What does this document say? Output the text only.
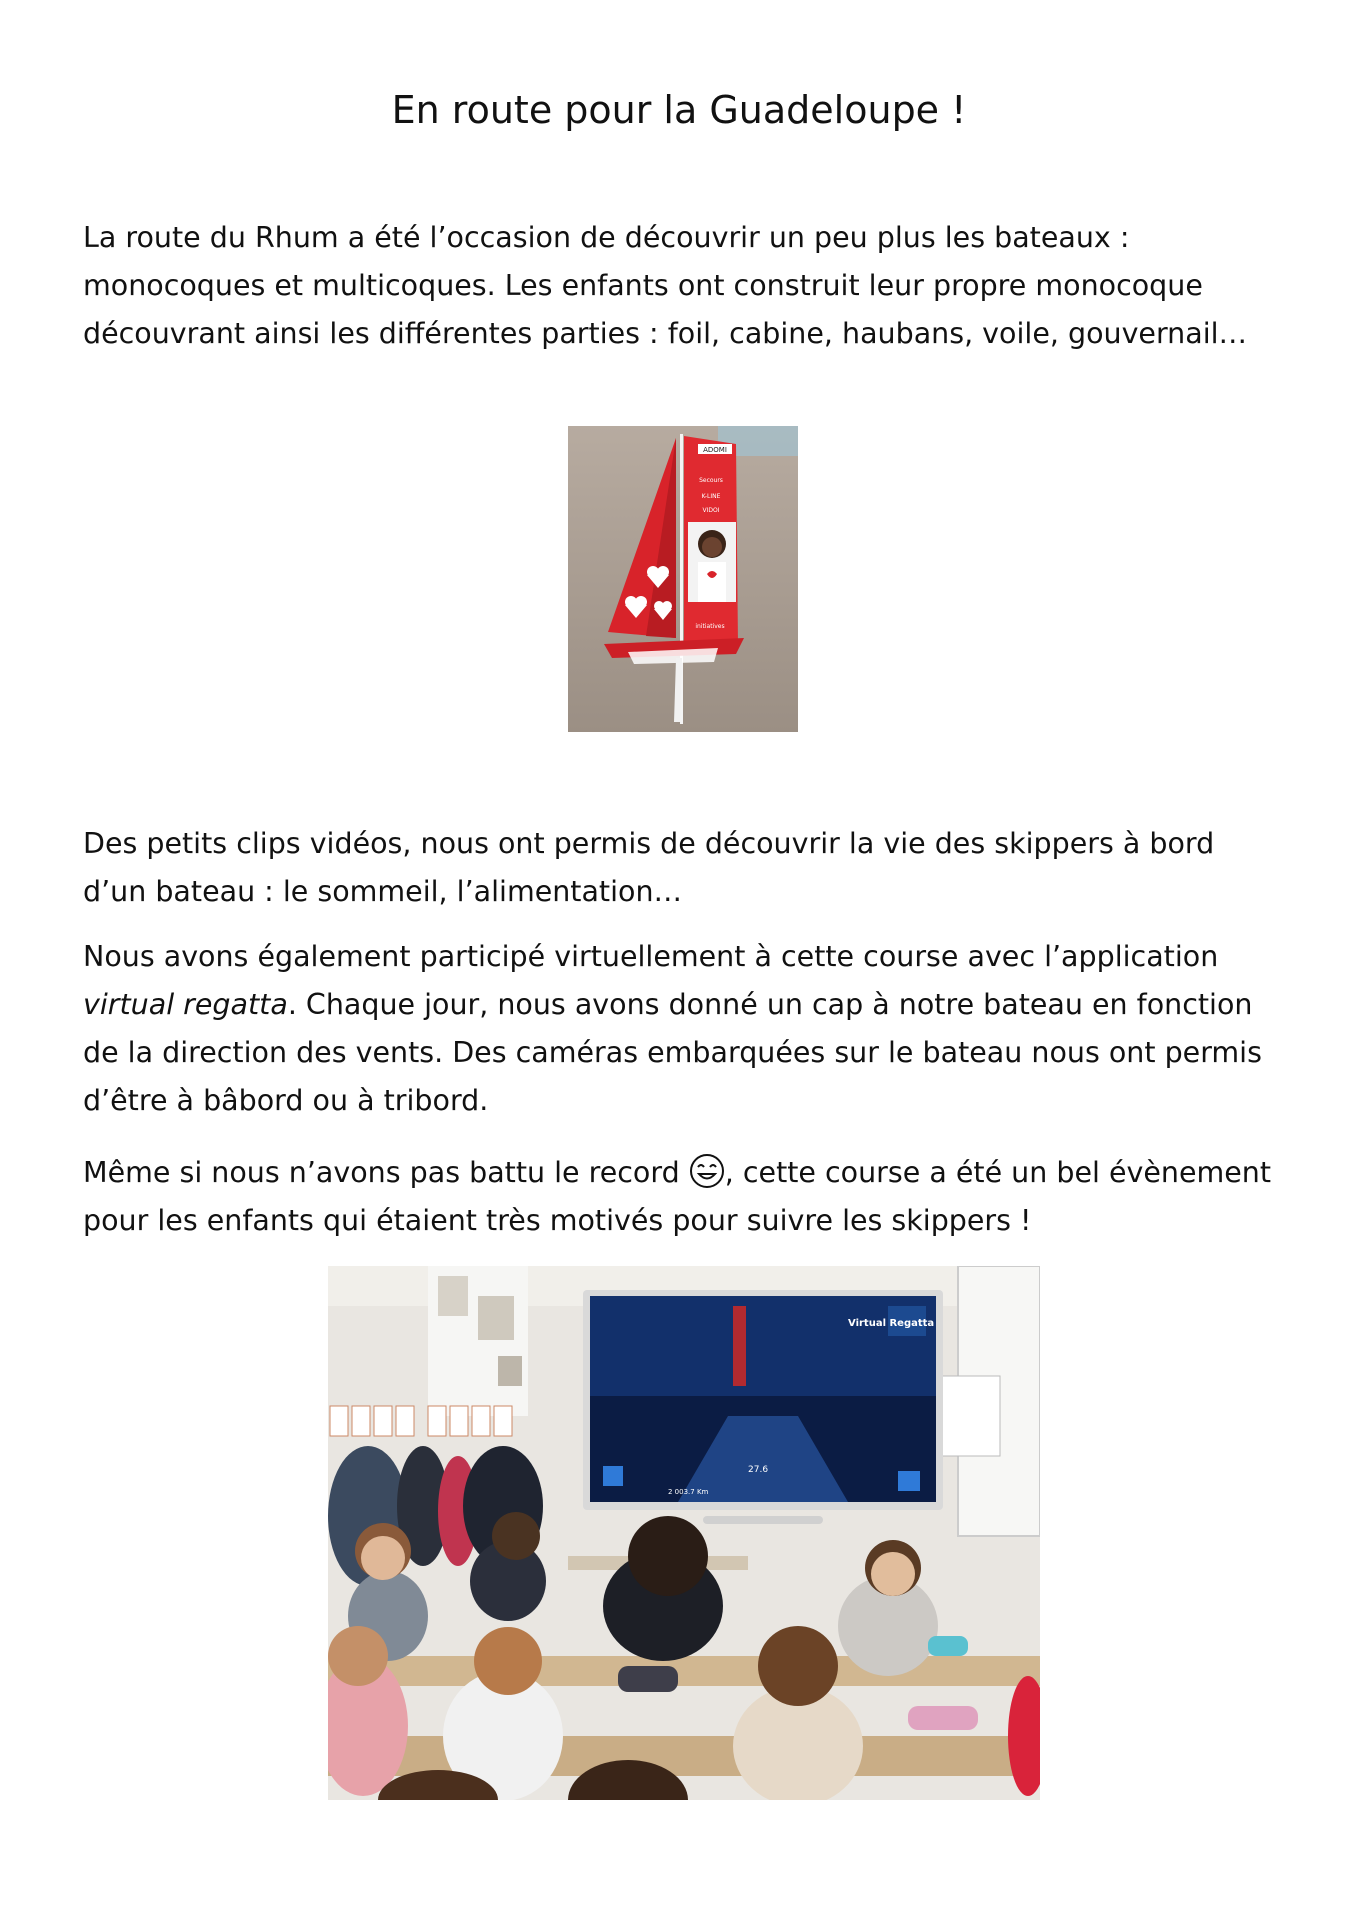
En route pour la Guadeloupe !

La route du Rhum a été l’occasion de découvrir un peu plus les bateaux : monocoques et multicoques. Les enfants ont construit leur propre monocoque découvrant ainsi les différentes parties : foil, cabine, haubans, voile, gouvernail…

ADOMI
Secours
K-LINE
VIDOI
initiatives

Des petits clips vidéos, nous ont permis de découvrir la vie des skippers à bord d’un bateau : le sommeil, l’alimentation…

Nous avons également participé virtuellement à cette course avec l’application virtual regatta. Chaque jour, nous avons donné un cap à notre bateau en fonction de la direction des vents. Des caméras embarquées sur le bateau nous ont permis d’être à bâbord ou à tribord.

Même si nous n’avons pas battu le record
, cette course a été un bel évènement pour les enfants qui étaient très motivés pour suivre les skippers !

Virtual Regatta
27.6
2 003.7 Km
